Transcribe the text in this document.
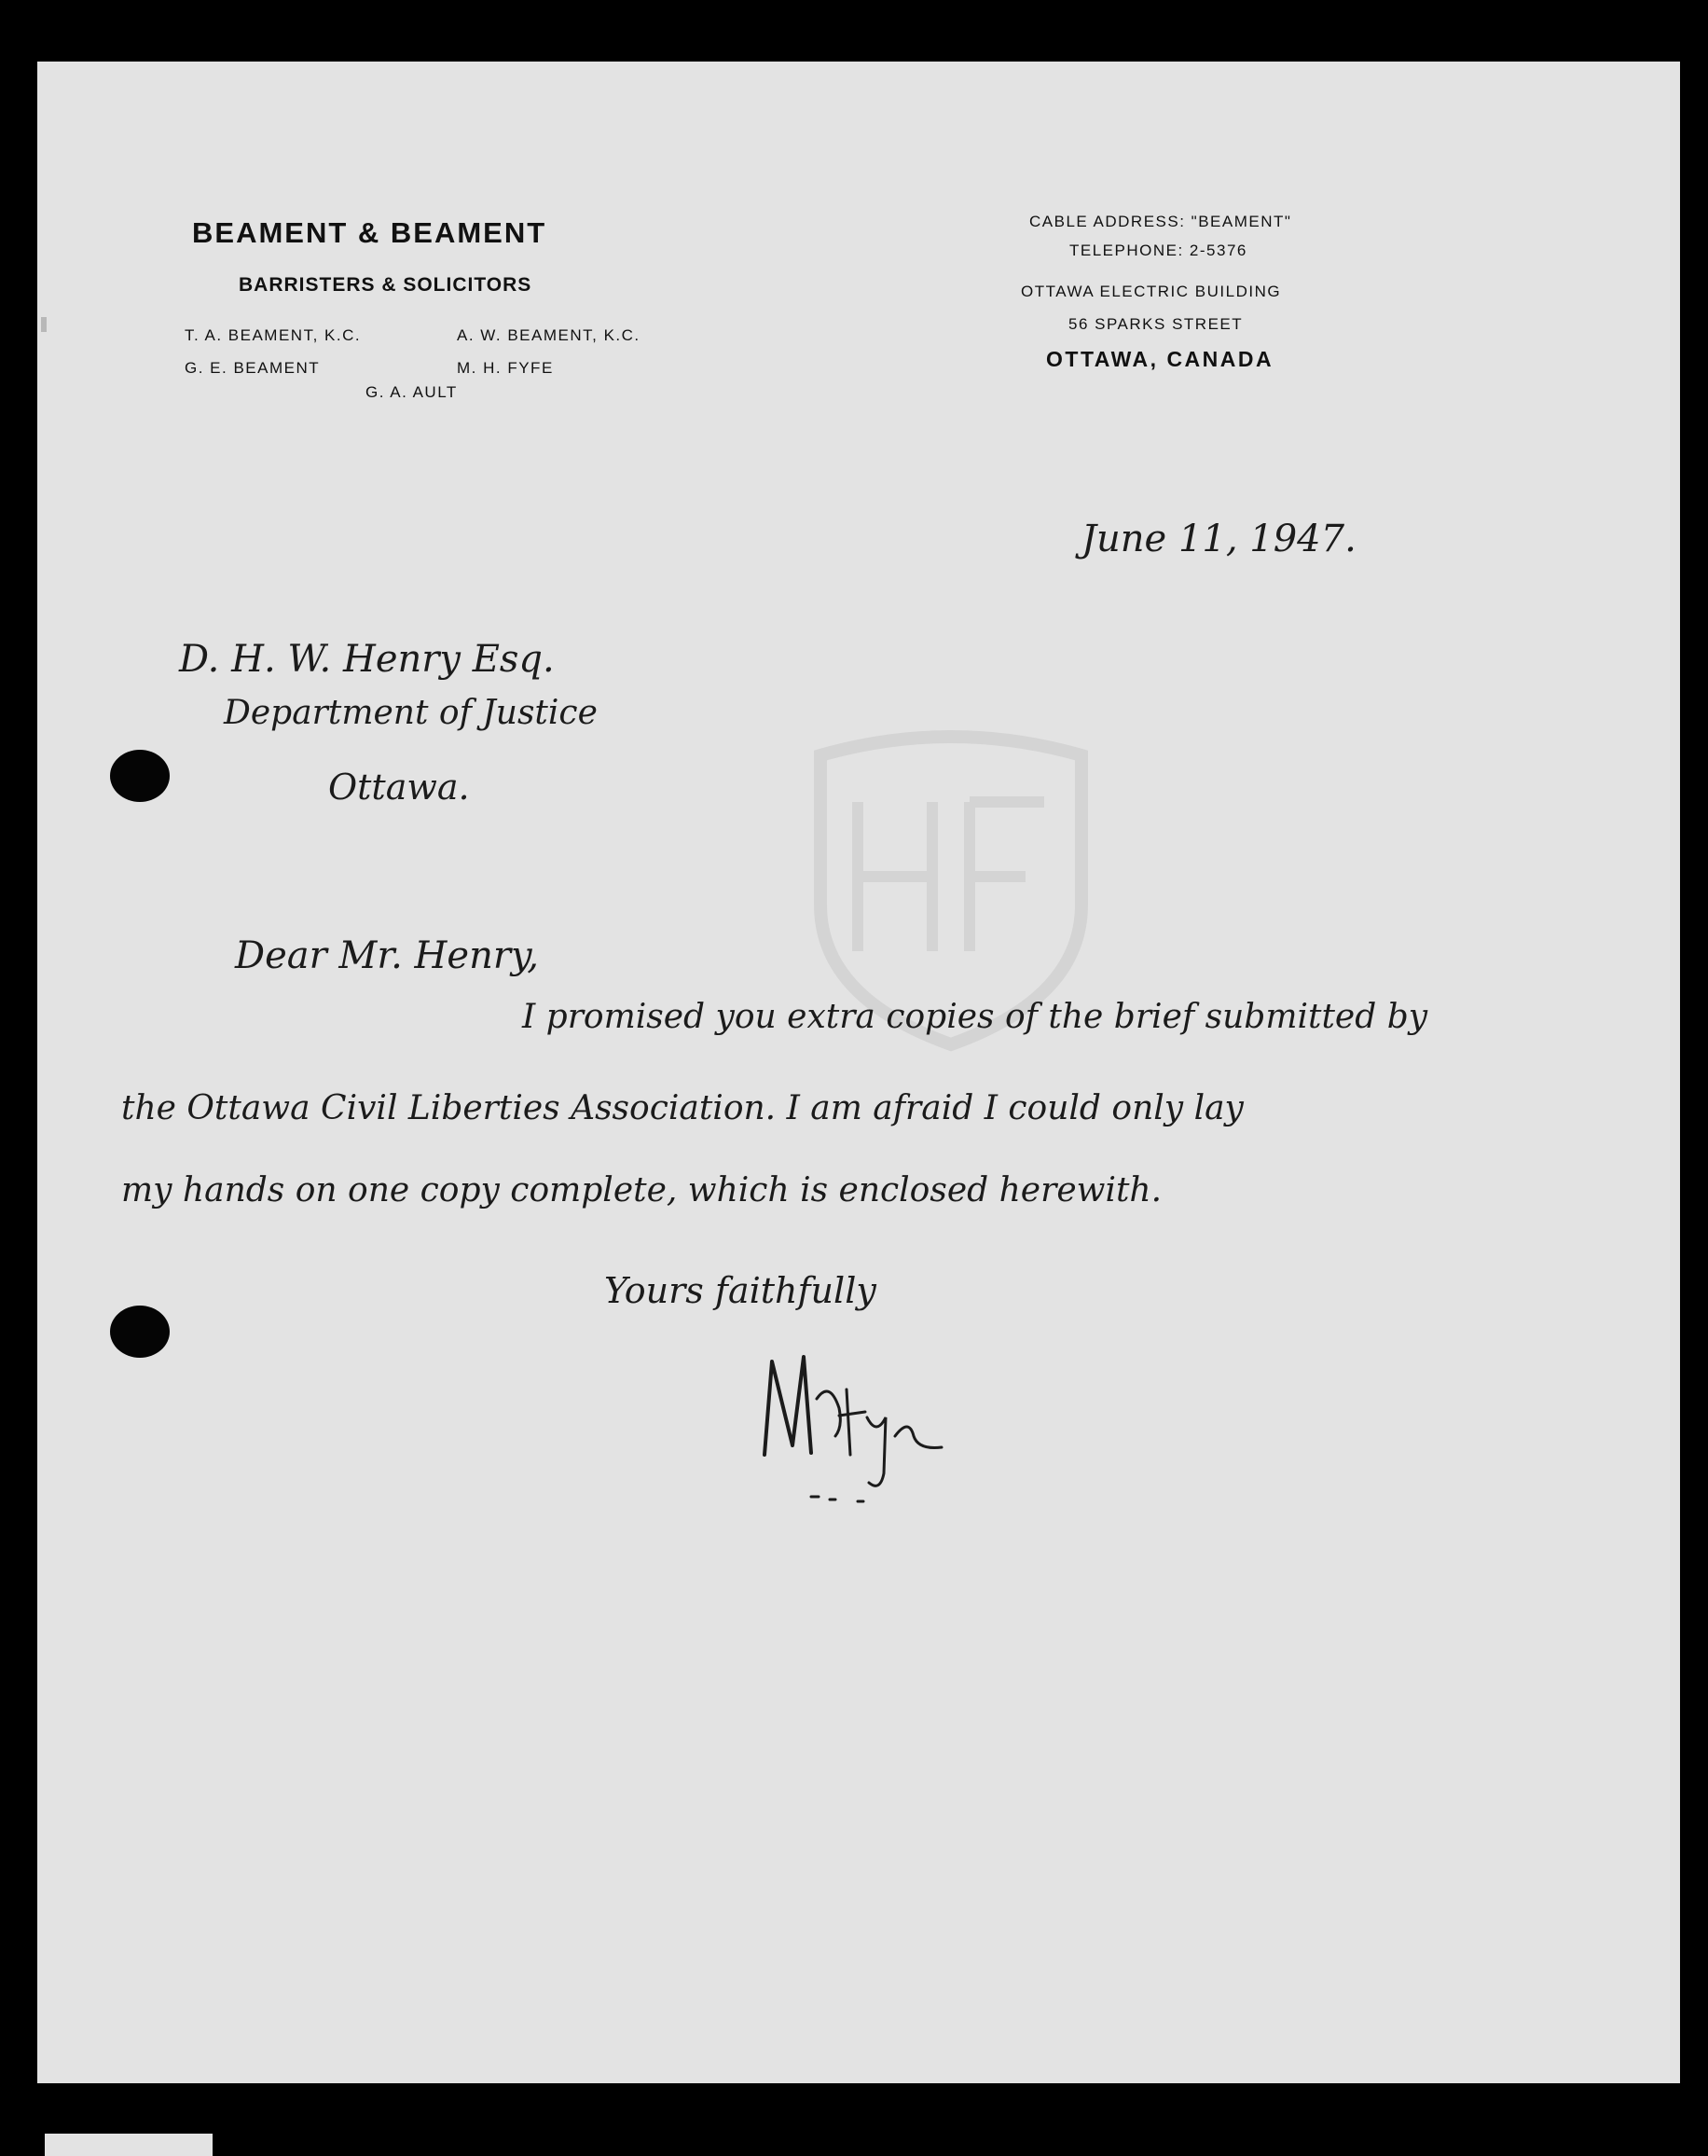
BEAMENT & BEAMENT
BARRISTERS & SOLICITORS
T. A. BEAMENT, K.C.	A. W. BEAMENT, K.C.
G. E. BEAMENT	M. H. FYFE
G. A. AULT
CABLE ADDRESS: "BEAMENT"
TELEPHONE: 2-5376
OTTAWA ELECTRIC BUILDING
56 SPARKS STREET
OTTAWA, CANADA
June 11, 1947.
D. H. W. Henry Esq.
Department of Justice
Ottawa.
Dear Mr. Henry,
I promised you extra copies of the brief submitted by
the Ottawa Civil Liberties Association. I am afraid I could only lay
my hands on one copy complete, which is enclosed herewith.
Yours faithfully
